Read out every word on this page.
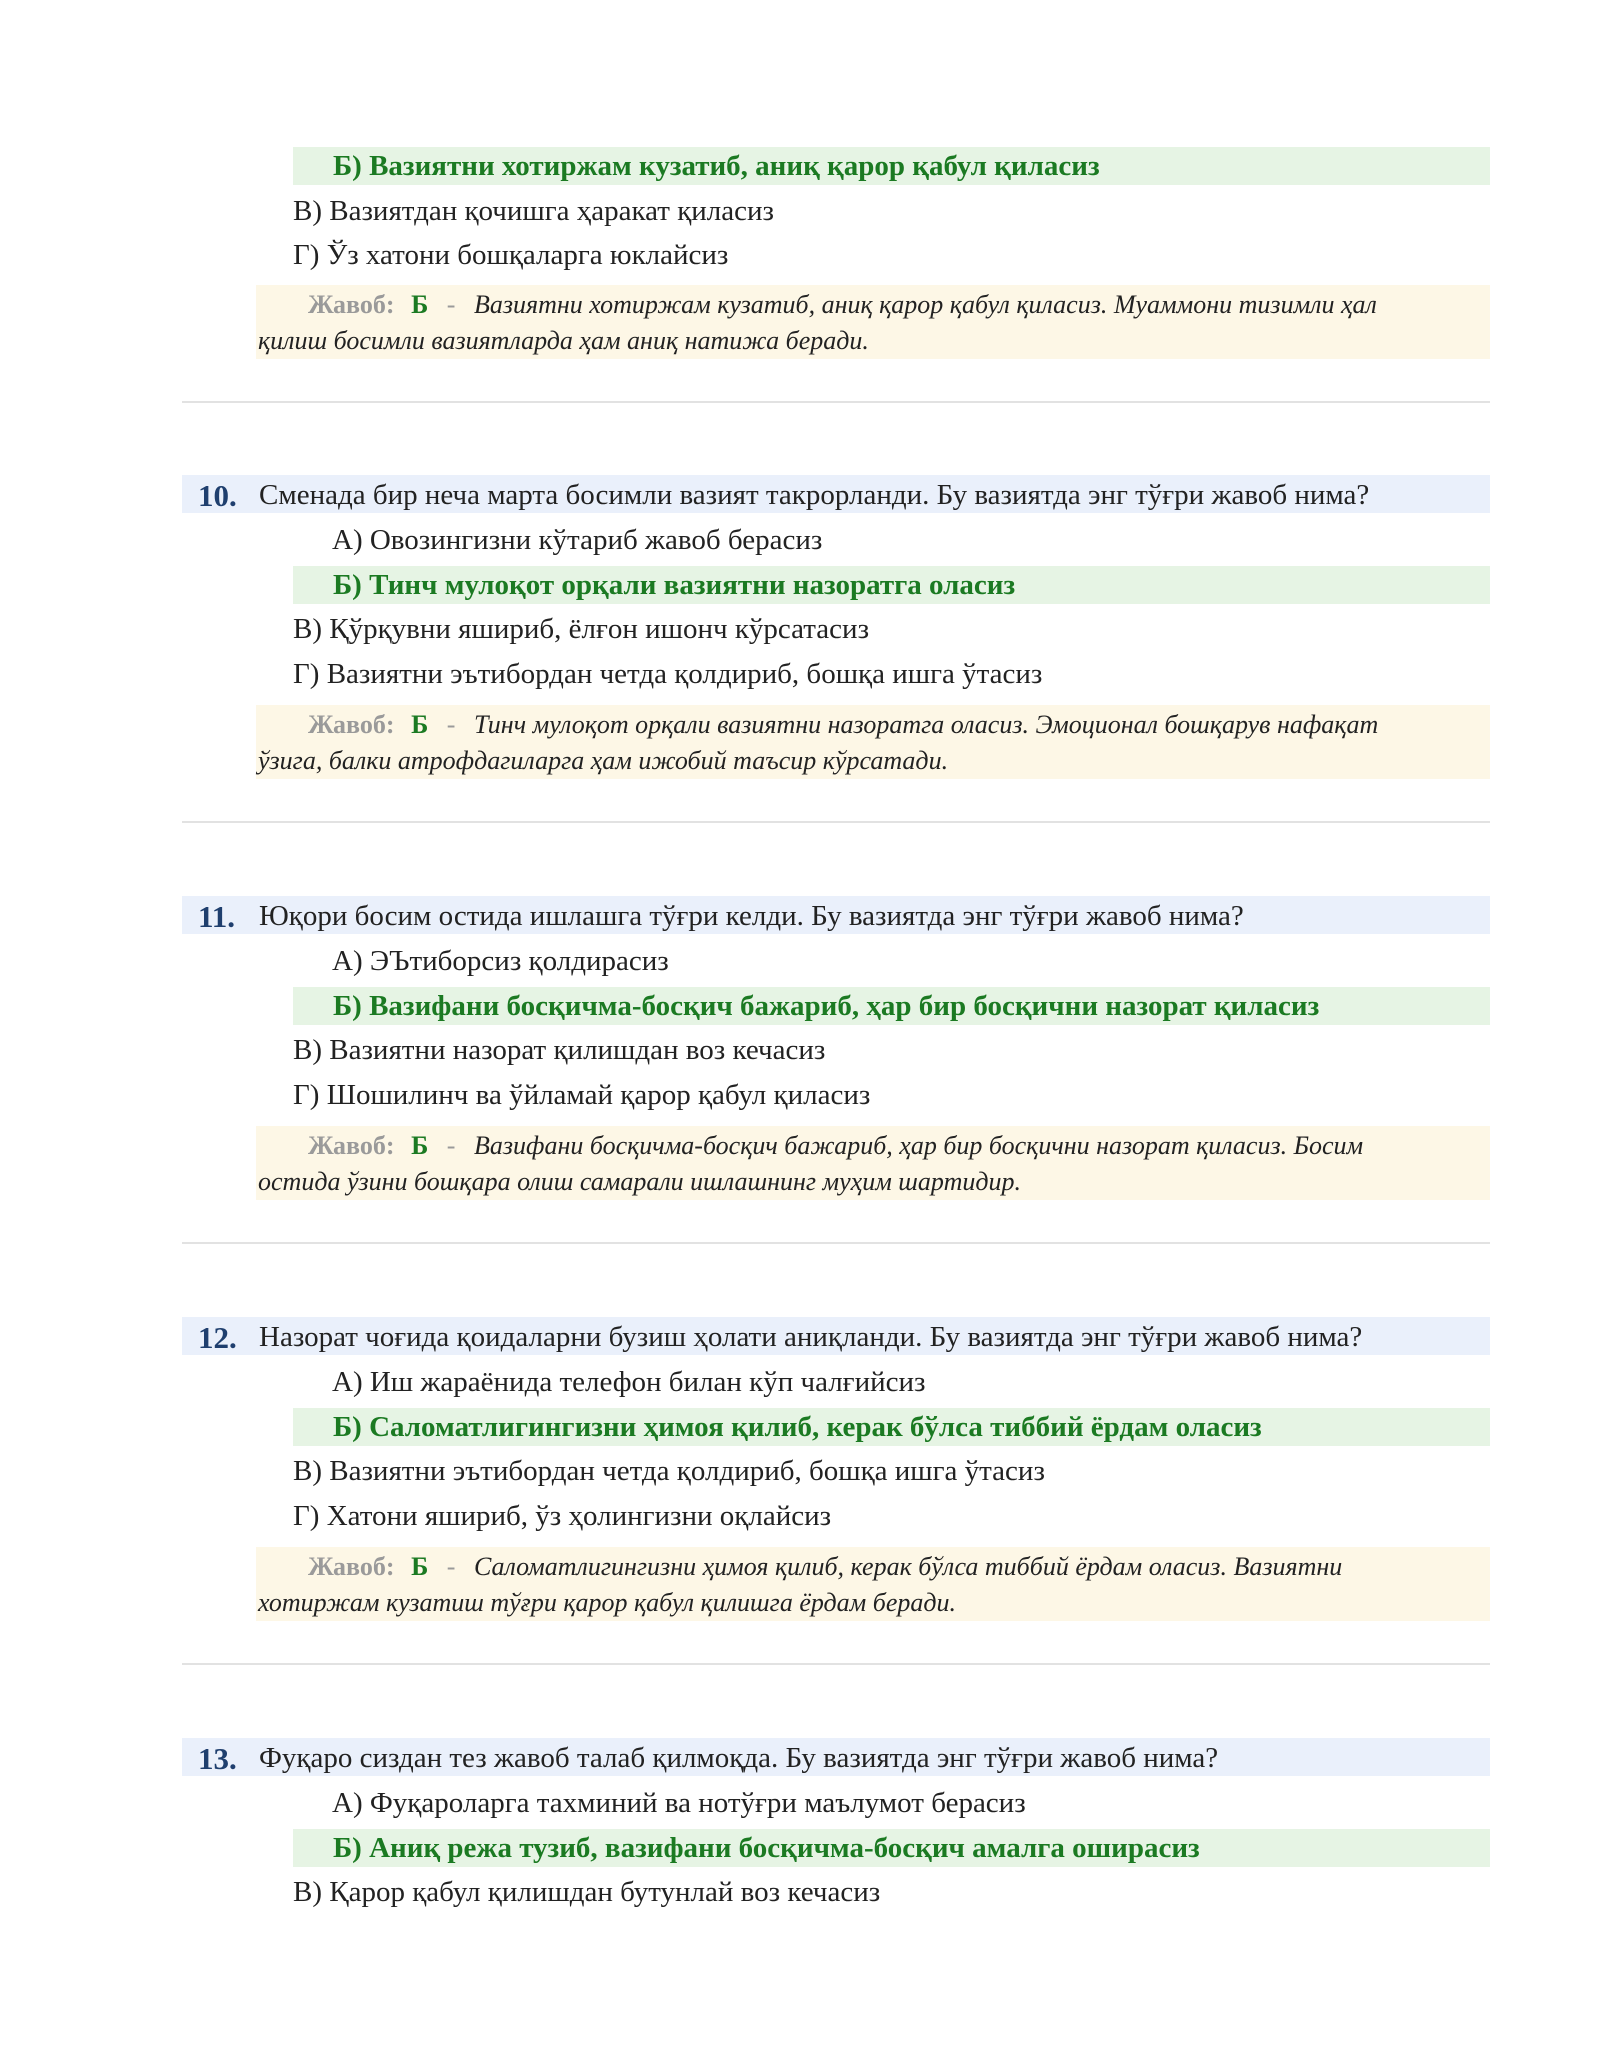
Б) Вазиятни хотиржам кузатиб, аниқ қарор қабул қиласиз
В) Вазиятдан қочишга ҳаракат қиласиз
Г) Ўз хатони бошқаларга юклайсиз
Жавоб: Б - Вазиятни хотиржам кузатиб, аниқ қарор қабул қиласиз. Муаммони тизимли ҳал
қилиш босимли вазиятларда ҳам аниқ натижа беради.
10. Сменада бир неча марта босимли вазият такрорланди. Бу вазиятда энг тўғри жавоб нима?
А) Овозингизни кўтариб жавоб берасиз
Б) Тинч мулоқот орқали вазиятни назоратга оласиз
В) Қўрқувни яшириб, ёлғон ишонч кўрсатасиз
Г) Вазиятни эътибордан четда қолдириб, бошқа ишга ўтасиз
Жавоб: Б - Тинч мулоқот орқали вазиятни назоратга оласиз. Эмоционал бошқарув нафақат
ўзига, балки атрофдагиларга ҳам ижобий таъсир кўрсатади.
11. Юқори босим остида ишлашга тўғри келди. Бу вазиятда энг тўғри жавоб нима?
А) ЭЪтиборсиз қолдирасиз
Б) Вазифани босқичма-босқич бажариб, ҳар бир босқични назорат қиласиз
В) Вазиятни назорат қилишдан воз кечасиз
Г) Шошилинч ва ўйламай қарор қабул қиласиз
Жавоб: Б - Вазифани босқичма-босқич бажариб, ҳар бир босқични назорат қиласиз. Босим
остида ўзини бошқара олиш самарали ишлашнинг муҳим шартидир.
12. Назорат чоғида қоидаларни бузиш ҳолати аниқланди. Бу вазиятда энг тўғри жавоб нима?
А) Иш жараёнида телефон билан кўп чалғийсиз
Б) Саломатлигингизни ҳимоя қилиб, керак бўлса тиббий ёрдам оласиз
В) Вазиятни эътибордан четда қолдириб, бошқа ишга ўтасиз
Г) Хатони яшириб, ўз ҳолингизни оқлайсиз
Жавоб: Б - Саломатлигингизни ҳимоя қилиб, керак бўлса тиббий ёрдам оласиз. Вазиятни
хотиржам кузатиш тўғри қарор қабул қилишга ёрдам беради.
13. Фуқаро сиздан тез жавоб талаб қилмоқда. Бу вазиятда энг тўғри жавоб нима?
А) Фуқароларга тахминий ва нотўғри маълумот берасиз
Б) Аниқ режа тузиб, вазифани босқичма-босқич амалга оширасиз
В) Қарор қабул қилишдан бутунлай воз кечасиз
